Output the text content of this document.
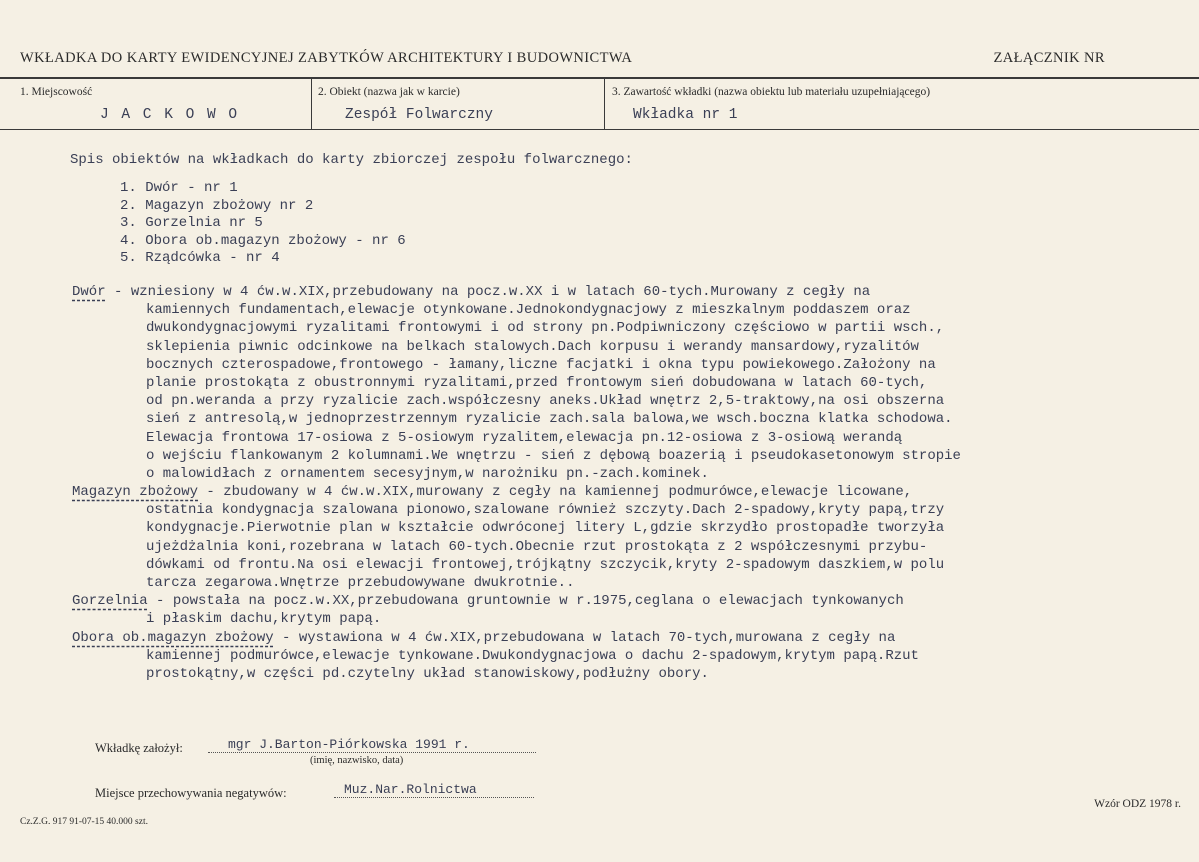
WKŁADKA DO KARTY EWIDENCYJNEJ ZABYTKÓW ARCHITEKTURY I BUDOWNICTWA	ZAŁĄCZNIK NR
1. Miejscowość
J A C K O W O
2. Obiekt (nazwa jak w karcie)
Zespół Folwarczny
3. Zawartość wkładki (nazwa obiektu lub materiału uzupełniającego)
Wkładka nr 1
Spis obiektów na wkładkach do karty zbiorczej zespołu folwarcznego:
1. Dwór - nr 1
2. Magazyn zbożowy nr 2
3. Gorzelnia nr 5
4. Obora ob.magazyn zbożowy - nr 6
5. Rządcówka - nr 4
Dwór - wzniesiony w 4 ćw.w.XIX,przebudowany na pocz.w.XX i w latach 60-tych.Murowany z cegły na
kamiennych fundamentach,elewacje otynkowane.Jednokondygnacjowy z mieszkalnym poddaszem oraz
dwukondygnacjowymi ryzalitami frontowymi i od strony pn.Podpiwniczony częściowo w partii wsch.,
sklepienia piwnic odcinkowe na belkach stalowych.Dach korpusu i werandy mansardowy,ryzalitów
bocznych czterospadowe,frontowego - łamany,liczne facjatki i okna typu powiekowego.Założony na
planie prostokąta z obustronnymi ryzalitami,przed frontowym sień dobudowana w latach 60-tych,
od pn.weranda a przy ryzalicie zach.współczesny aneks.Układ wnętrz 2,5-traktowy,na osi obszerna
sień z antresolą,w jednoprzestrzennym ryzalicie zach.sala balowa,we wsch.boczna klatka schodowa.
Elewacja frontowa 17-osiowa z 5-osiowym ryzalitem,elewacja pn.12-osiowa z 3-osiową werandą
o wejściu flankowanym 2 kolumnami.We wnętrzu - sień z dębową boazerią i pseudokasetonowym stropie
o malowidłach z ornamentem secesyjnym,w narożniku pn.-zach.kominek.
Magazyn zbożowy - zbudowany w 4 ćw.w.XIX,murowany z cegły na kamiennej podmurówce,elewacje licowane,
ostatnia kondygnacja szalowana pionowo,szalowane również szczyty.Dach 2-spadowy,kryty papą,trzy
kondygnacje.Pierwotnie plan w kształcie odwróconej litery L,gdzie skrzydło prostopadłe tworzyła
ujeżdżalnia koni,rozebrana w latach 60-tych.Obecnie rzut prostokąta z 2 współczesnymi przybu-
dówkami od frontu.Na osi elewacji frontowej,trójkątny szczycik,kryty 2-spadowym daszkiem,w polu
tarcza zegarowa.Wnętrze przebudowywane dwukrotnie..
Gorzelnia - powstała na pocz.w.XX,przebudowana gruntownie w r.1975,ceglana o elewacjach tynkowanych
i płaskim dachu,krytym papą.
Obora ob.magazyn zbożowy - wystawiona w 4 ćw.XIX,przebudowana w latach 70-tych,murowana z cegły na
kamiennej podmurówce,elewacje tynkowane.Dwukondygnacjowa o dachu 2-spadowym,krytym papą.Rzut
prostokątny,w części pd.czytelny układ stanowiskowy,podłużny obory.
Wkładkę założył:	mgr J.Barton-Piórkowska 1991 r.
(imię, nazwisko, data)
Miejsce przechowywania negatywów:	Muz.Nar.Rolnictwa
Wzór ODZ 1978 r.
Cz.Z.G. 917 91-07-15 40.000 szt.
